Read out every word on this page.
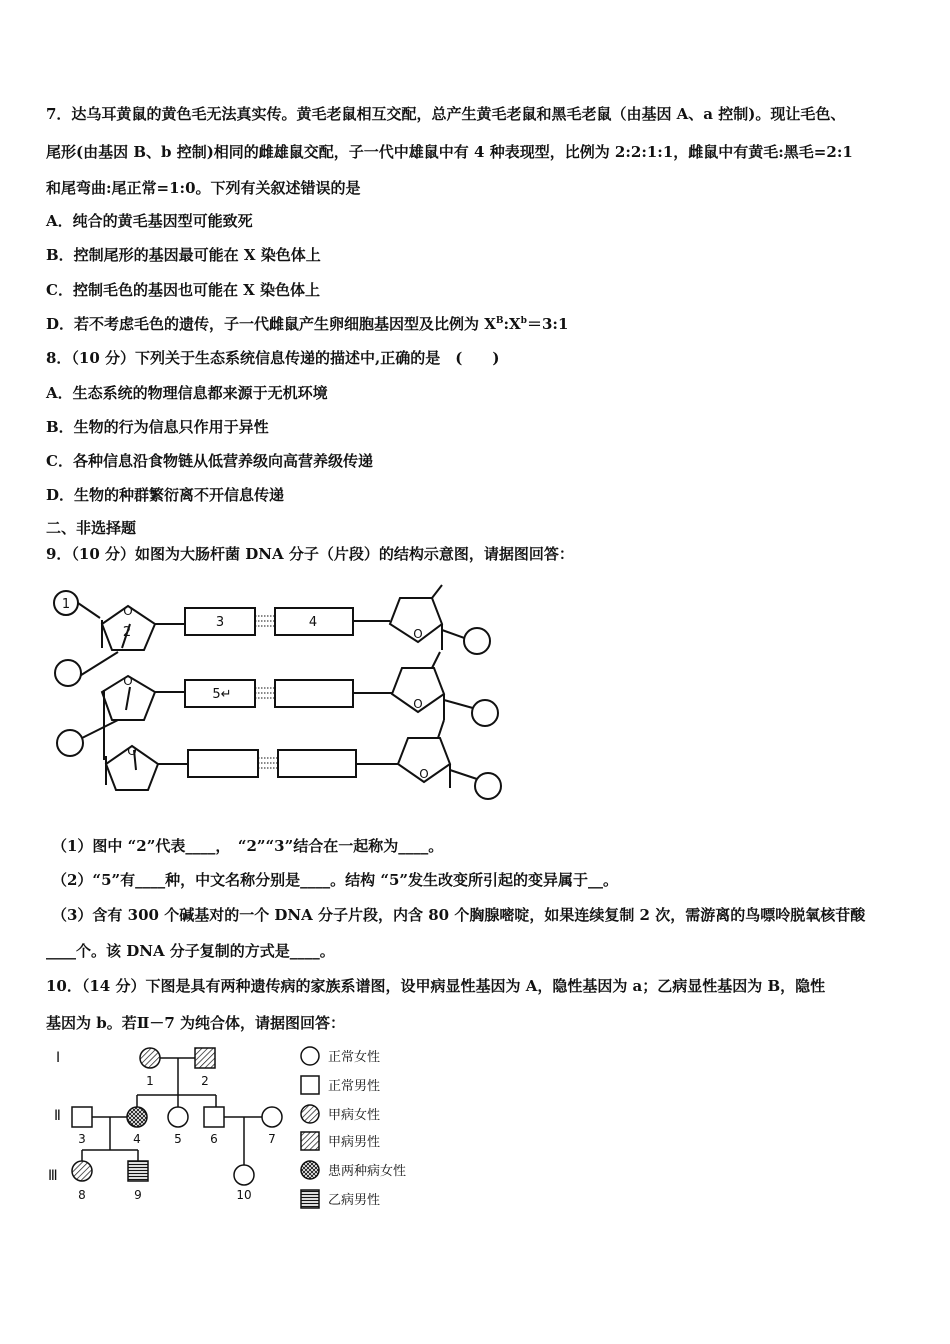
7．达乌耳黄鼠的黄色毛无法真实传。黄毛老鼠相互交配，总产生黄毛老鼠和黑毛老鼠（由基因 A、a 控制)。现让毛色、
尾形(由基因 B、b 控制)相同的雌雄鼠交配，子一代中雄鼠中有 4 种表现型，比例为 2:2:1:1，雌鼠中有黄毛:黑毛=2:1
和尾弯曲:尾正常=1:0。下列有关叙述错误的是
A．纯合的黄毛基因型可能致死
B．控制尾形的基因最可能在 X 染色体上
C．控制毛色的基因也可能在 X 染色体上
D．若不考虑毛色的遗传，子一代雌鼠产生卵细胞基因型及比例为 $X^B:X^b=3:1$
8．（10 分）下列关于生态系统信息传递的描述中,正确的是　(　　)
A．生态系统的物理信息都来源于无机环境
B．生物的行为信息只作用于异性
C．各种信息沿食物链从低营养级向高营养级传递
D．生物的种群繁衍离不开信息传递
二、非选择题
9．（10 分）如图为大肠杆菌 DNA 分子（片段）的结构示意图，请据图回答：
O
O
O
O
O
O
1
2
3	4
5↵
（1）图中 “2”代表____，　“2”“3”结合在一起称为____。
（2）“5”有____种，中文名称分别是____。结构 “5”发生改变所引起的变异属于__。
（3）含有 300 个碱基对的一个 DNA 分子片段，内含 80 个胸腺嘧啶，如果连续复制 2 次，需游离的鸟嘌呤脱氧核苷酸
____个。该 DNA 分子复制的方式是____。
10．（14 分）下图是具有两种遗传病的家族系谱图，设甲病显性基因为 A，隐性基因为 a；乙病显性基因为 B，隐性
基因为 b。若Ⅱ－7 为纯合体，请据图回答：
Ⅰ
Ⅱ
Ⅲ
1	2
3	4	5 6	7
8	9	10
正常女性
正常男性
甲病女性
甲病男性
患两种病女性
乙病男性
